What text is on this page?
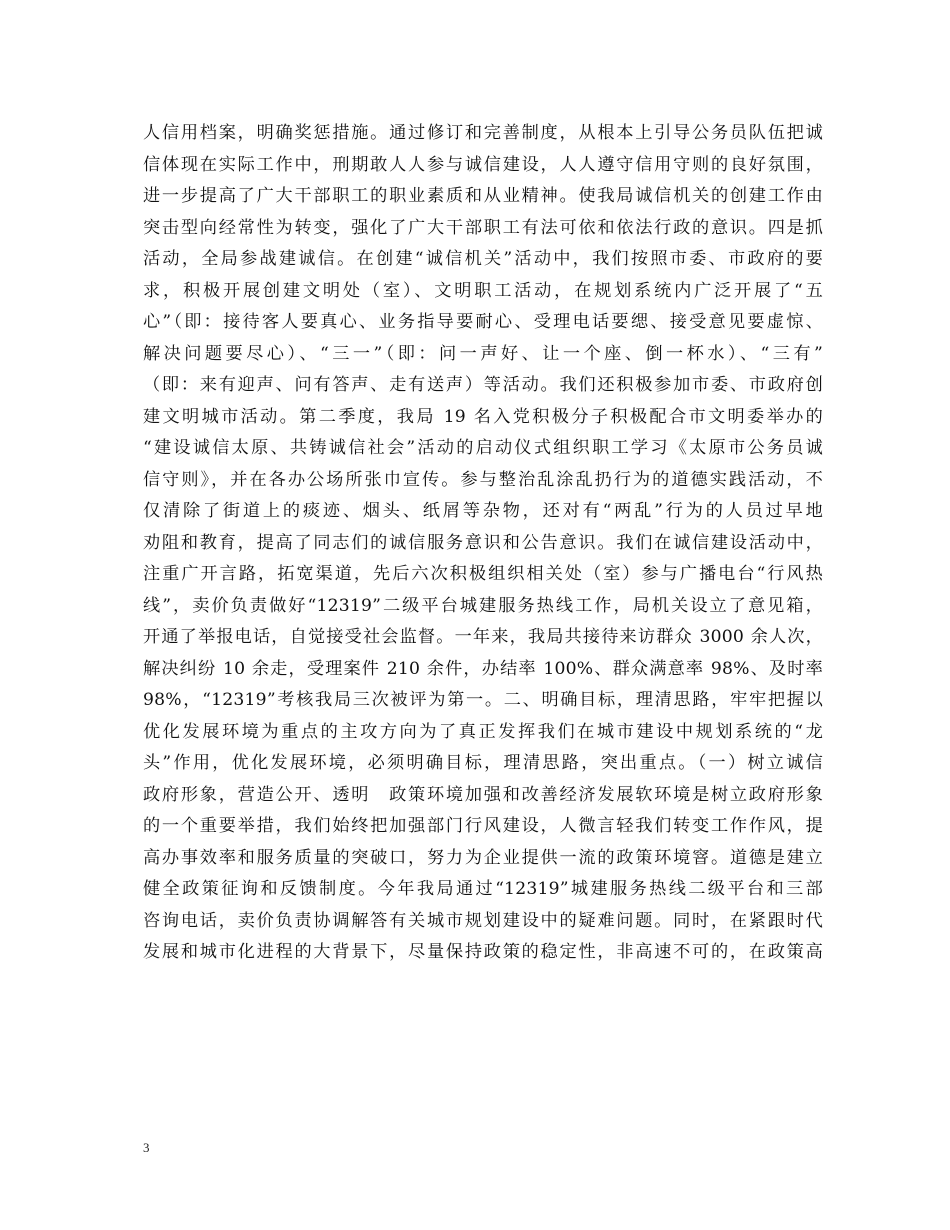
人信用档案，明确奖惩措施。通过修订和完善制度，从根本上引导公务员队伍把诚
信体现在实际工作中，刑期敢人人参与诚信建设，人人遵守信用守则的良好氛围，
进一步提高了广大干部职工的职业素质和从业精神。使我局诚信机关的创建工作由
突击型向经常性为转变，强化了广大干部职工有法可依和依法行政的意识。四是抓
活动，全局参战建诚信。在创建“诚信机关”活动中，我们按照市委、市政府的要
求，积极开展创建文明处（室）、文明职工活动，在规划系统内广泛开展了“五
心”（即：接待客人要真心、业务指导要耐心、受理电话要缌、接受意见要虚惊、
解决问题要尽心）、“三一”（即：问一声好、让一个座、倒一杯水）、“三有”
（即：来有迎声、问有答声、走有送声）等活动。我们还积极参加市委、市政府创
建文明城市活动。第二季度，我局 19 名入党积极分子积极配合市文明委举办的
“建设诚信太原、共铸诚信社会”活动的启动仪式组织职工学习《太原市公务员诚
信守则》，并在各办公场所张巾宣传。参与整治乱涂乱扔行为的道德实践活动，不
仅清除了街道上的痰迹、烟头、纸屑等杂物，还对有“两乱”行为的人员过早地
劝阻和教育，提高了同志们的诚信服务意识和公告意识。我们在诚信建设活动中，
注重广开言路，拓宽渠道，先后六次积极组织相关处（室）参与广播电台“行风热
线”，卖价负责做好“12319”二级平台城建服务热线工作，局机关设立了意见箱，
开通了举报电话，自觉接受社会监督。一年来，我局共接待来访群众 3000 余人次，
解决纠纷 10 余走，受理案件 210 余件，办结率 100%、群众满意率 98%、及时率
98%，“12319”考核我局三次被评为第一。二、明确目标，理清思路，牢牢把握以
优化发展环境为重点的主攻方向为了真正发挥我们在城市建设中规划系统的“龙
头”作用，优化发展环境，必须明确目标，理清思路，突出重点。（一）树立诚信
政府形象，营造公开、透明　政策环境加强和改善经济发展软环境是树立政府形象
的一个重要举措，我们始终把加强部门行风建设，人微言轻我们转变工作作风，提
高办事效率和服务质量的突破口，努力为企业提供一流的政策环境窨。道德是建立
健全政策征询和反馈制度。今年我局通过“12319”城建服务热线二级平台和三部
咨询电话，卖价负责协调解答有关城市规划建设中的疑难问题。同时，在紧跟时代
发展和城市化进程的大背景下，尽量保持政策的稳定性，非高速不可的，在政策高
3
